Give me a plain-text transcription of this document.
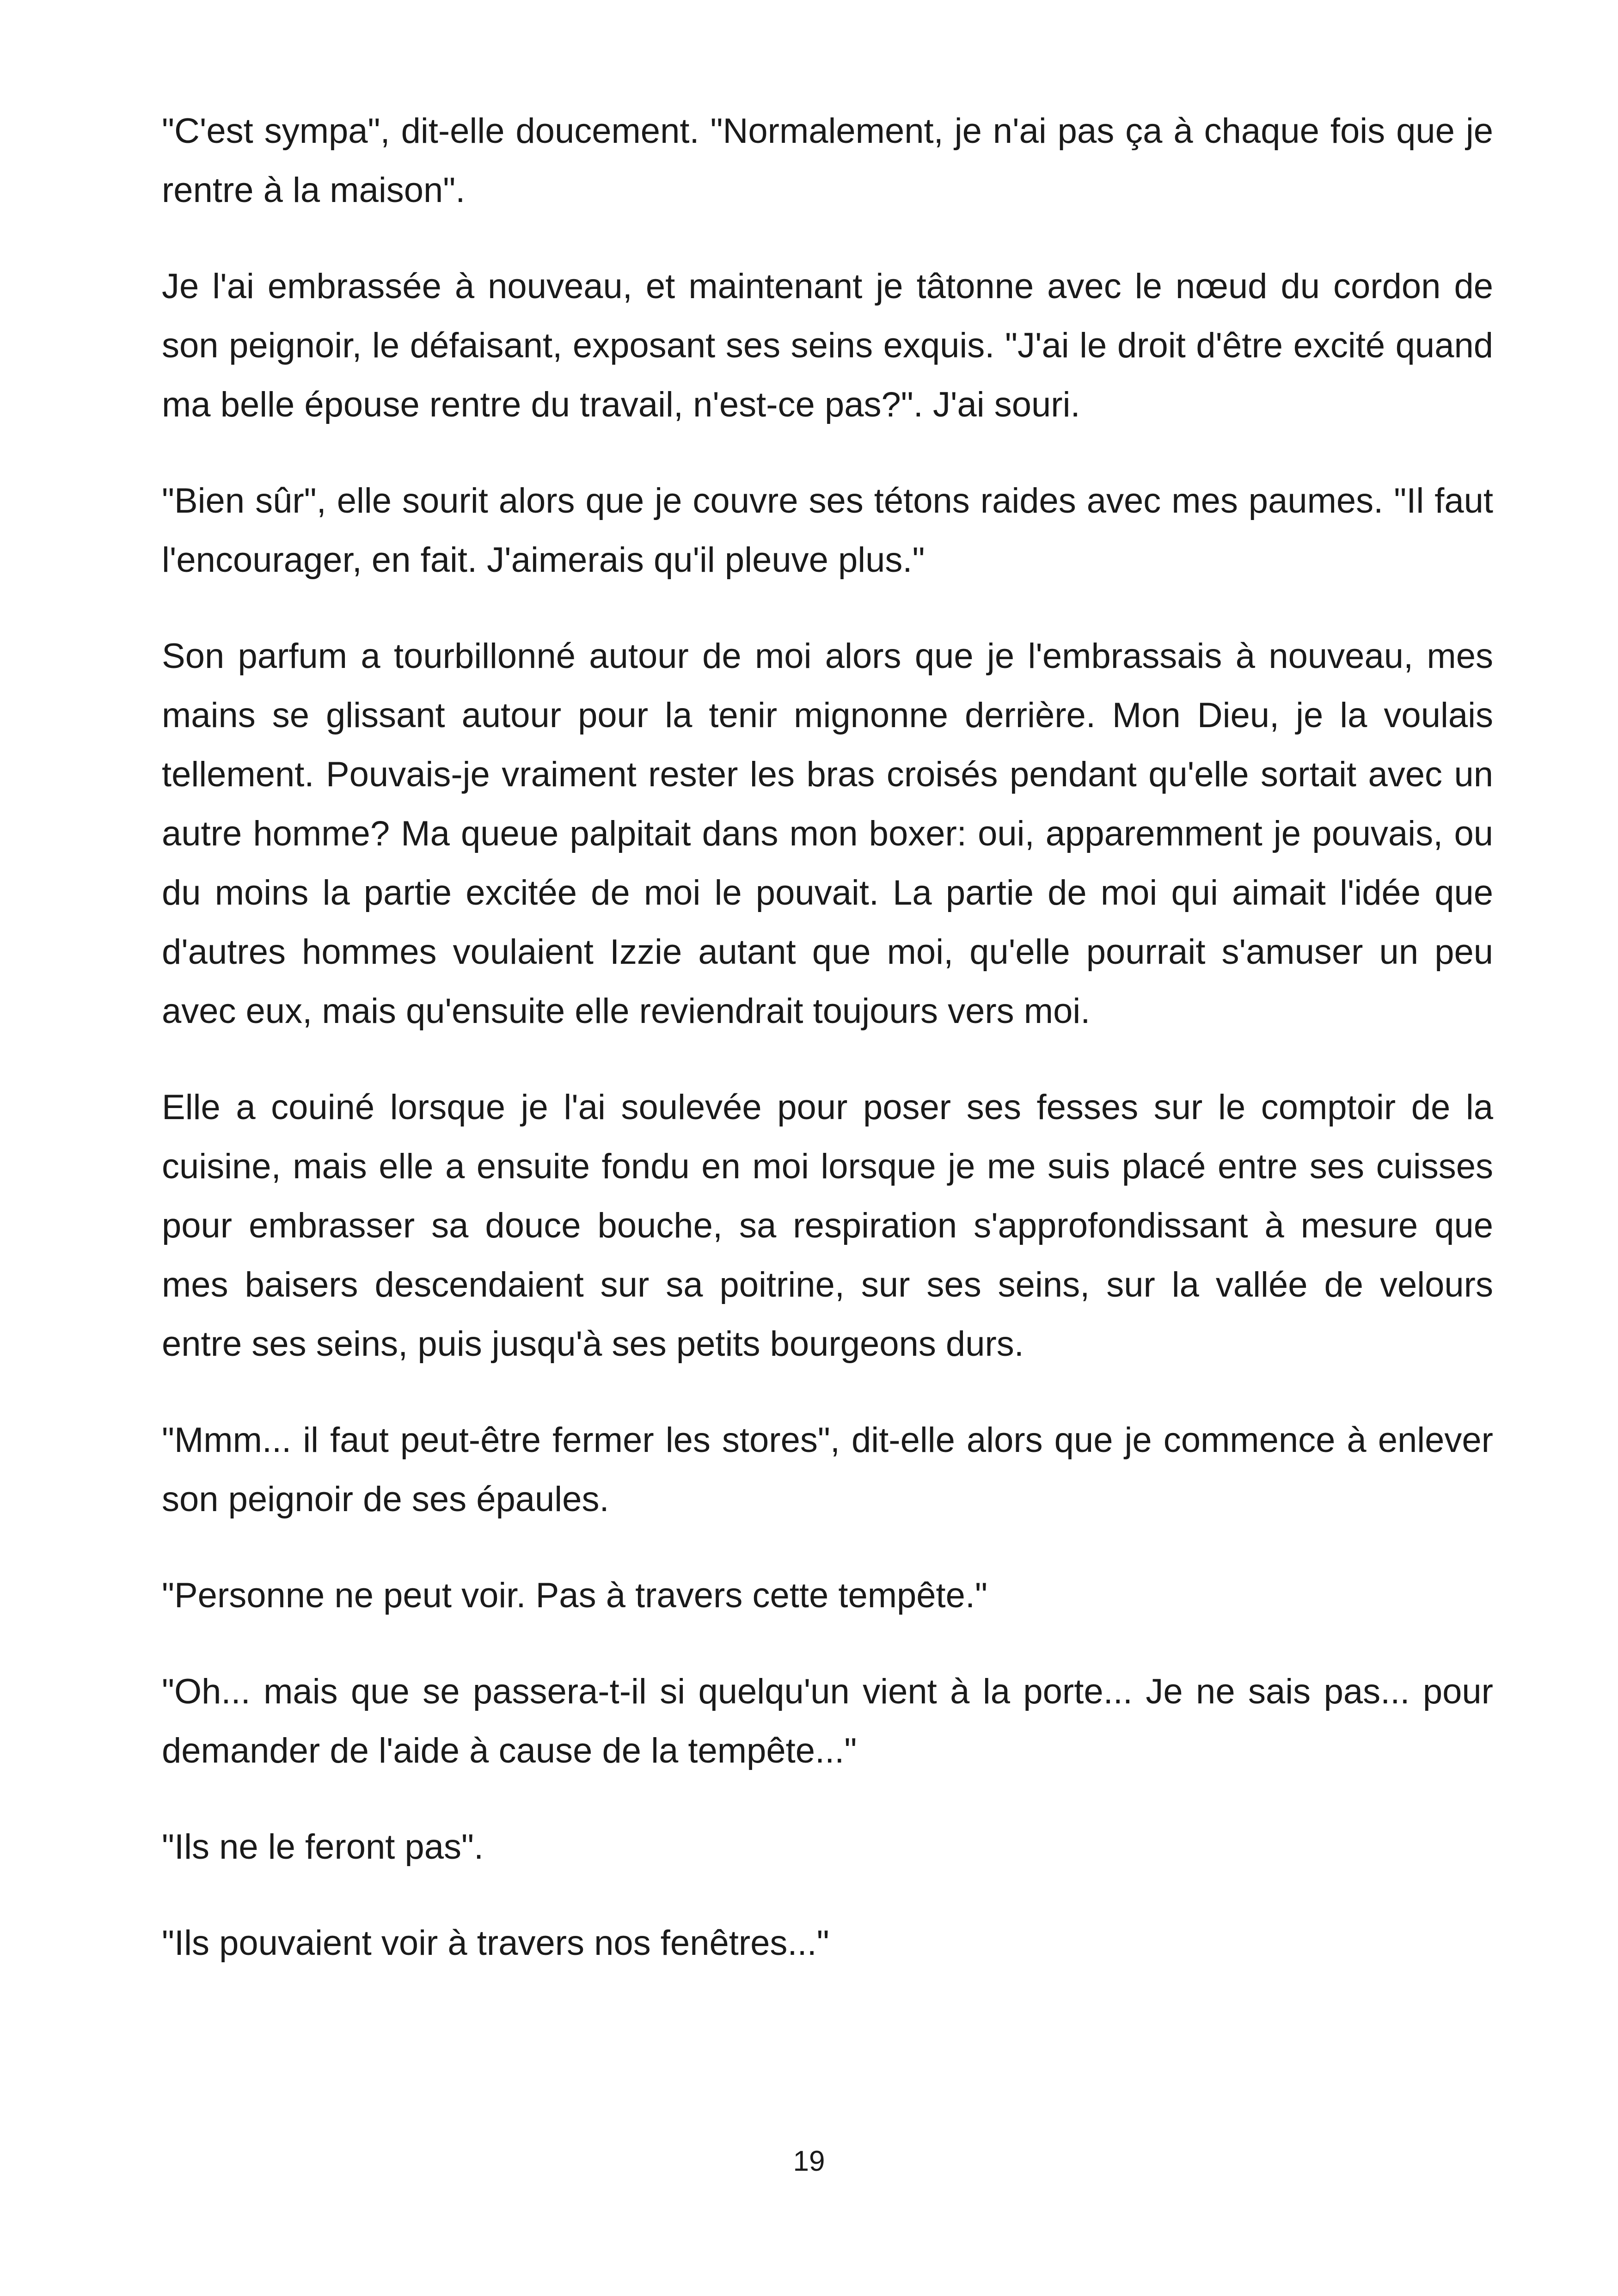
"C'est sympa", dit-elle doucement. "Normalement, je n'ai pas ça à chaque fois que je rentre à la maison".

Je l'ai embrassée à nouveau, et maintenant je tâtonne avec le nœud du cordon de son peignoir, le défaisant, exposant ses seins exquis. "J'ai le droit d'être excité quand ma belle épouse rentre du travail, n'est-ce pas?". J'ai souri.

"Bien sûr", elle sourit alors que je couvre ses tétons raides avec mes paumes. "Il faut l'encourager, en fait. J'aimerais qu'il pleuve plus."

Son parfum a tourbillonné autour de moi alors que je l'embrassais à nouveau, mes mains se glissant autour pour la tenir mignonne derrière. Mon Dieu, je la voulais tellement. Pouvais-je vraiment rester les bras croisés pendant qu'elle sortait avec un autre homme? Ma queue palpitait dans mon boxer: oui, apparemment je pouvais, ou du moins la partie excitée de moi le pouvait. La partie de moi qui aimait l'idée que d'autres hommes voulaient Izzie autant que moi, qu'elle pourrait s'amuser un peu avec eux, mais qu'ensuite elle reviendrait toujours vers moi.

Elle a couiné lorsque je l'ai soulevée pour poser ses fesses sur le comptoir de la cuisine, mais elle a ensuite fondu en moi lorsque je me suis placé entre ses cuisses pour embrasser sa douce bouche, sa respiration s'approfondissant à mesure que mes baisers descendaient sur sa poitrine, sur ses seins, sur la vallée de velours entre ses seins, puis jusqu'à ses petits bourgeons durs.

"Mmm... il faut peut-être fermer les stores", dit-elle alors que je commence à enlever son peignoir de ses épaules.

"Personne ne peut voir. Pas à travers cette tempête."

"Oh... mais que se passera-t-il si quelqu'un vient à la porte... Je ne sais pas... pour demander de l'aide à cause de la tempête..."

"Ils ne le feront pas".

"Ils pouvaient voir à travers nos fenêtres..."

19
